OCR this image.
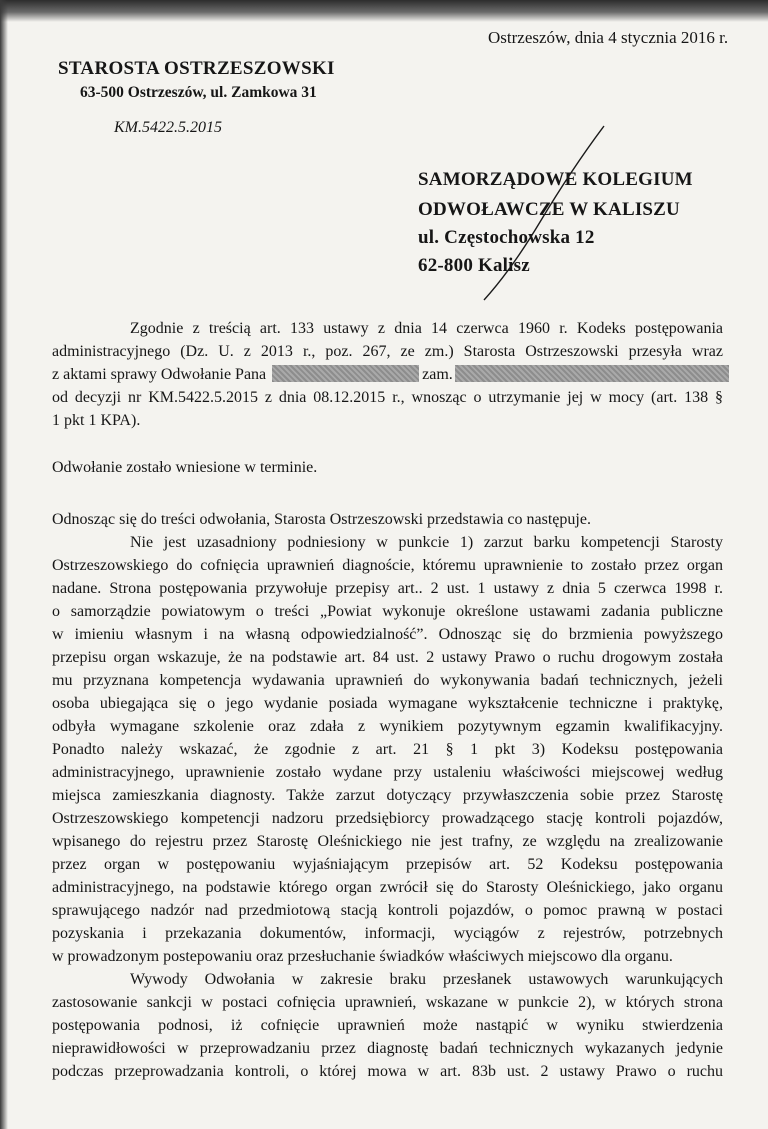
Ostrzeszów, dnia 4 stycznia 2016 r.
STAROSTA OSTRZESZOWSKI
63-500 Ostrzeszów, ul. Zamkowa 31
KM.5422.5.2015
SAMORZĄDOWE KOLEGIUM
ODWOŁAWCZE W KALISZU
ul. Częstochowska 12
62-800 Kalisz
Zgodnie z treścią art. 133 ustawy z dnia 14 czerwca 1960 r. Kodeks postępowania
administracyjnego (Dz. U. z 2013 r., poz. 267, ze zm.) Starosta Ostrzeszowski przesyła wraz
z aktami sprawy Odwołanie Pana	zam.
od decyzji nr KM.5422.5.2015 z dnia 08.12.2015 r., wnosząc o utrzymanie jej w mocy (art. 138 §
1 pkt 1 KPA).
Odwołanie zostało wniesione w terminie.
Odnosząc się do treści odwołania, Starosta Ostrzeszowski przedstawia co następuje.
Nie jest uzasadniony podniesiony w punkcie 1) zarzut barku kompetencji Starosty
Ostrzeszowskiego do cofnięcia uprawnień diagnoście, któremu uprawnienie to zostało przez organ
nadane. Strona postępowania przywołuje przepisy art.. 2 ust. 1 ustawy z dnia 5 czerwca 1998 r.
o samorządzie powiatowym o treści „Powiat wykonuje określone ustawami zadania publiczne
w imieniu własnym i na własną odpowiedzialność”. Odnosząc się do brzmienia powyższego
przepisu organ wskazuje, że na podstawie art. 84 ust. 2 ustawy Prawo o ruchu drogowym została
mu przyznana kompetencja wydawania uprawnień do wykonywania badań technicznych, jeżeli
osoba ubiegająca się o jego wydanie posiada wymagane wykształcenie techniczne i praktykę,
odbyła wymagane szkolenie oraz zdała z wynikiem pozytywnym egzamin kwalifikacyjny.
Ponadto należy wskazać, że zgodnie z art. 21 § 1 pkt 3) Kodeksu postępowania
administracyjnego, uprawnienie zostało wydane przy ustaleniu właściwości miejscowej według
miejsca zamieszkania diagnosty. Także zarzut dotyczący przywłaszczenia sobie przez Starostę
Ostrzeszowskiego kompetencji nadzoru przedsiębiorcy prowadzącego stację kontroli pojazdów,
wpisanego do rejestru przez Starostę Oleśnickiego nie jest trafny, ze względu na zrealizowanie
przez organ w postępowaniu wyjaśniającym przepisów art. 52 Kodeksu postępowania
administracyjnego, na podstawie którego organ zwrócił się do Starosty Oleśnickiego, jako organu
sprawującego nadzór nad przedmiotową stacją kontroli pojazdów, o pomoc prawną w postaci
pozyskania i przekazania dokumentów, informacji, wyciągów z rejestrów, potrzebnych
w prowadzonym postepowaniu oraz przesłuchanie świadków właściwych miejscowo dla organu.
Wywody Odwołania w zakresie braku przesłanek ustawowych warunkujących
zastosowanie sankcji w postaci cofnięcia uprawnień, wskazane w punkcie 2), w których strona
postępowania podnosi, iż cofnięcie uprawnień może nastąpić w wyniku stwierdzenia
nieprawidłowości w przeprowadzaniu przez diagnostę badań technicznych wykazanych jedynie
podczas przeprowadzania kontroli, o której mowa w art. 83b ust. 2 ustawy Prawo o ruchu
